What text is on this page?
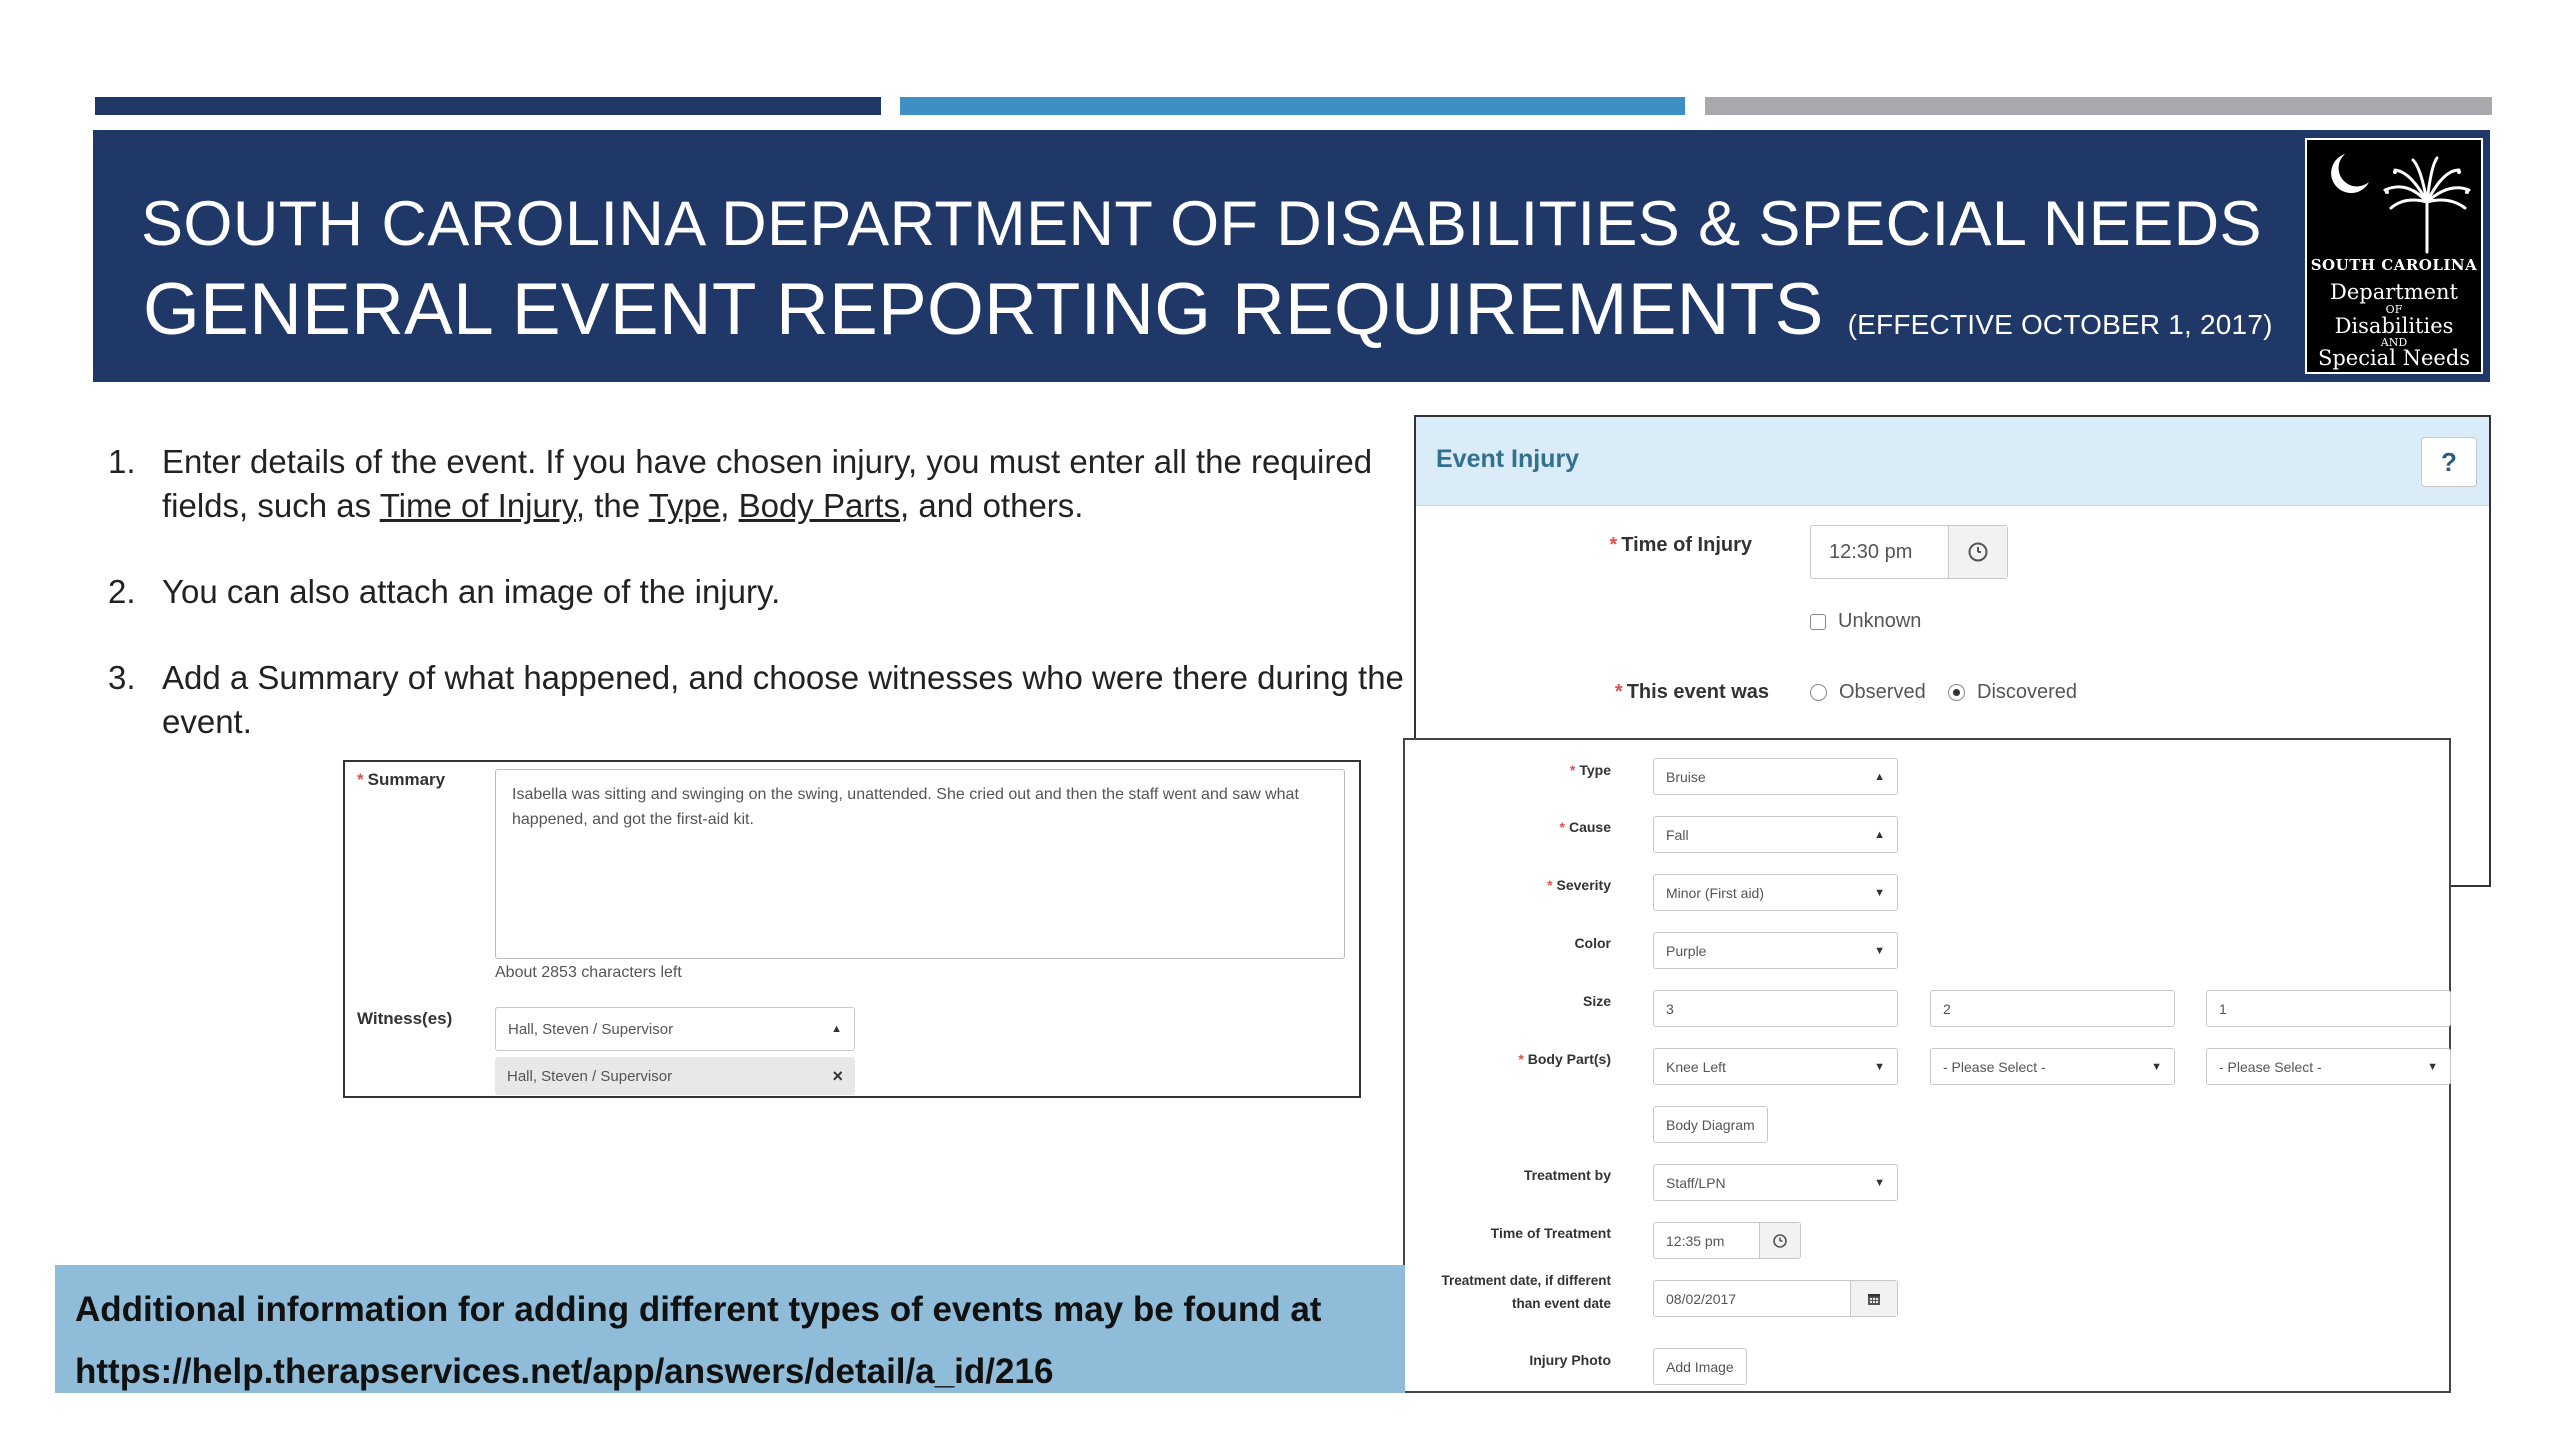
SOUTH CAROLINA DEPARTMENT OF DISABILITIES & SPECIAL NEEDS
GENERAL EVENT REPORTING REQUIREMENTS (EFFECTIVE OCTOBER 1, 2017)
SOUTH CAROLINA
Department
OF
Disabilities
AND
Special Needs
1. Enter details of the event. If you have chosen injury, you must enter all the required fields, such as Time of Injury, the Type, Body Parts, and others.
2. You can also attach an image of the injury.
3. Add a Summary of what happened, and choose witnesses who were there during the event.
* Summary
Isabella was sitting and swinging on the swing, unattended. She cried out and then the staff went and saw what happened, and got the first-aid kit.
About 2853 characters left
Witness(es)
Hall, Steven / Supervisor	▲
Hall, Steven / Supervisor	×
Event Injury	?
* Time of Injury	12:30 pm
Unknown
* This event was	Observed	Discovered
* Type	Bruise	▲
* Cause	Fall	▲
* Severity	Minor (First aid)	▼
Color	Purple	▼
Size	3	2	1
* Body Part(s)	Knee Left	▼	- Please Select -	▼	- Please Select -	▼
Body Diagram
Treatment by	Staff/LPN	▼
Time of Treatment	12:35 pm
Treatment date, if different
than event date	08/02/2017
Injury Photo	Add Image
Additional information for adding different types of events may be found at
https://help.therapservices.net/app/answers/detail/a_id/216
